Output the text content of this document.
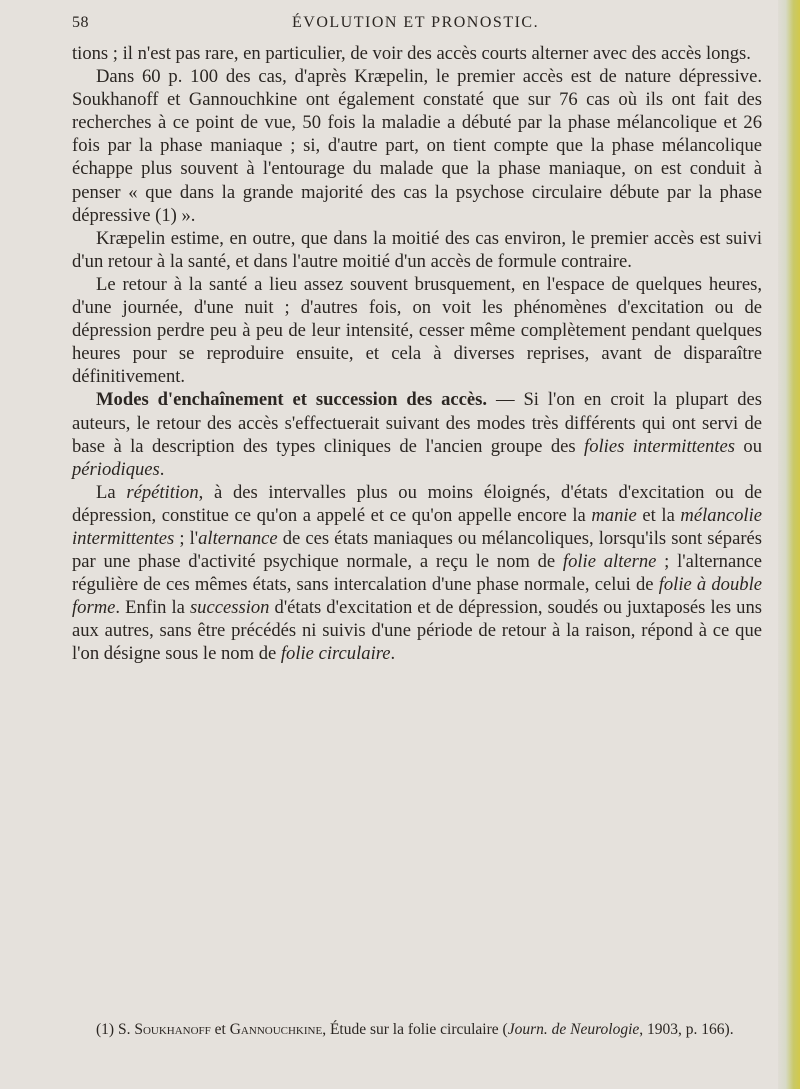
58	ÉVOLUTION ET PRONOSTIC.

tions ; il n'est pas rare, en particulier, de voir des accès courts alterner avec des accès longs.

Dans 60 p. 100 des cas, d'après Kræpelin, le premier accès est de nature dépressive. Soukhanoff et Gannouchkine ont également constaté que sur 76 cas où ils ont fait des recherches à ce point de vue, 50 fois la maladie a débuté par la phase mélancolique et 26 fois par la phase maniaque ; si, d'autre part, on tient compte que la phase mélancolique échappe plus souvent à l'entourage du malade que la phase maniaque, on est conduit à penser « que dans la grande majorité des cas la psychose circulaire débute par la phase dépressive (1) ».

Kræpelin estime, en outre, que dans la moitié des cas environ, le premier accès est suivi d'un retour à la santé, et dans l'autre moitié d'un accès de formule contraire.

Le retour à la santé a lieu assez souvent brusquement, en l'espace de quelques heures, d'une journée, d'une nuit ; d'autres fois, on voit les phénomènes d'excitation ou de dépression perdre peu à peu de leur intensité, cesser même complètement pendant quelques heures pour se reproduire ensuite, et cela à diverses reprises, avant de disparaître définitivement.

Modes d'enchaînement et succession des accès. — Si l'on en croit la plupart des auteurs, le retour des accès s'effectuerait suivant des modes très différents qui ont servi de base à la description des types cliniques de l'ancien groupe des folies intermittentes ou périodiques.

La répétition, à des intervalles plus ou moins éloignés, d'états d'excitation ou de dépression, constitue ce qu'on a appelé et ce qu'on appelle encore la manie et la mélancolie intermittentes ; l'alternance de ces états maniaques ou mélancoliques, lorsqu'ils sont séparés par une phase d'activité psychique normale, a reçu le nom de folie alterne ; l'alternance régulière de ces mêmes états, sans intercalation d'une phase normale, celui de folie à double forme. Enfin la succession d'états d'excitation et de dépression, soudés ou juxtaposés les uns aux autres, sans être précédés ni suivis d'une période de retour à la raison, répond à ce que l'on désigne sous le nom de folie circulaire.

(1) S. Soukhanoff et Gannouchkine, Étude sur la folie circulaire (Journ. de Neurologie, 1903, p. 166).
